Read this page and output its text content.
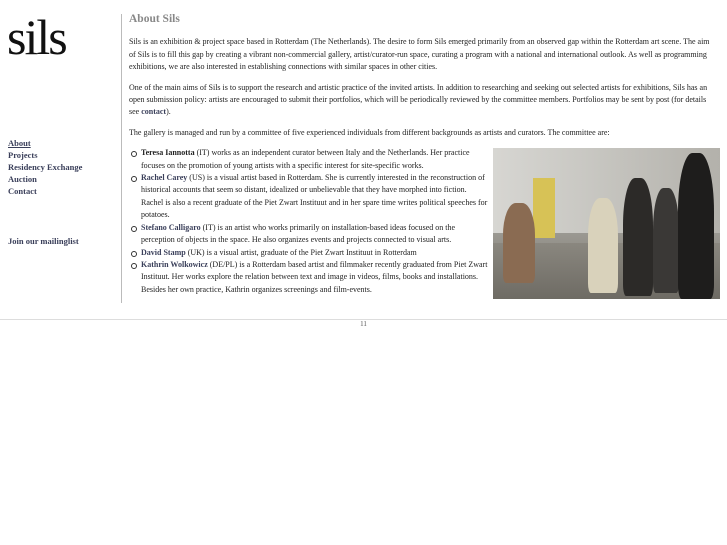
sils
About
Projects
Residency Exchange
Auction
Contact
Join our mailinglist
About Sils

Sils is an exhibition & project space based in Rotterdam (The Netherlands). The desire to form Sils emerged primarily from an observed gap within the Rotterdam art scene. The aim of Sils is to fill this gap by creating a vibrant non-commercial gallery, artist/curator-run space, curating a program with a national and international outlook. As well as programming exhibitions, we are also interested in establishing connections with similar spaces in other cities.

One of the main aims of Sils is to support the research and artistic practice of the invited artists. In addition to researching and seeking out selected artists for exhibitions, Sils has an open submission policy: artists are encouraged to submit their portfolios, which will be periodically reviewed by the committee members. Portfolios may be sent by post (for details see contact).

The gallery is managed and run by a committee of five experienced individuals from different backgrounds as artists and curators. The committee are:

Teresa Iannotta (IT) works as an independent curator between Italy and the Netherlands. Her practice focuses on the promotion of young artists with a specific interest for site-specific works.
Rachel Carey (US) is a visual artist based in Rotterdam. She is currently interested in the reconstruction of historical accounts that seem so distant, idealized or unbelievable that they have morphed into fiction. Rachel is also a recent graduate of the Piet Zwart Instituut and in her spare time writes political speeches for potatoes.
Stefano Calligaro (IT) is an artist who works primarily on installation-based ideas focused on the perception of objects in the space. He also organizes events and projects connected to visual arts.
David Stamp (UK) is a visual artist, graduate of the Piet Zwart Instituut in Rotterdam
Kathrin Wolkowicz (DE/PL) is a Rotterdam based artist and filmmaker recently graduated from Piet Zwart Instituut. Her works explore the relation between text and image in videos, films, books and installations. Besides her own practice, Kathrin organizes screenings and film-events.
11
